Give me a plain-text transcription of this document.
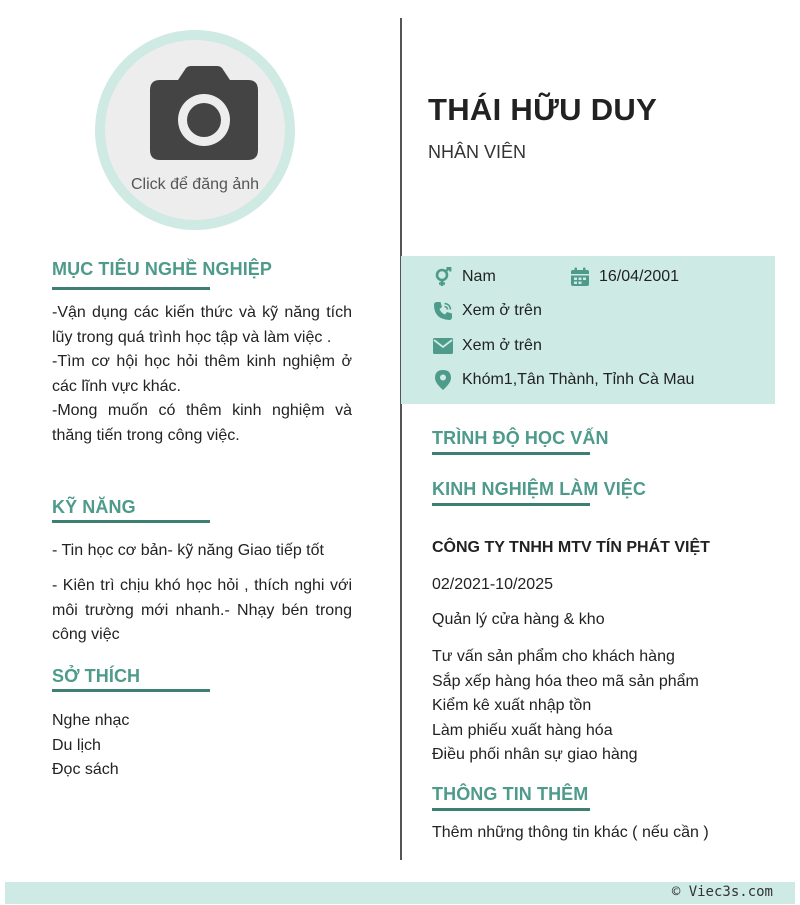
Click để đăng ảnh
MỤC TIÊU NGHỀ NGHIỆP

-Vận dụng các kiến thức và kỹ năng tích lũy trong quá trình học tập và làm việc .

-Tìm cơ hội học hỏi thêm kinh nghiệm ở các lĩnh vực khác.

-Mong muốn có thêm kinh nghiệm và thăng tiến trong công việc.

KỸ NĂNG
- Tin học cơ bản- kỹ năng Giao tiếp tốt
- Kiên trì chịu khó học hỏi , thích nghi với môi trường mới nhanh.- Nhạy bén trong công việc
SỞ THÍCH

Nghe nhạc

Du lịch

Đọc sách

THÁI HỮU DUY
NHÂN VIÊN
Nam	16/04/2001
Xem ở trên
Xem ở trên
Khóm1,Tân Thành, Tỉnh Cà Mau
TRÌNH ĐỘ HỌC VẤN
KINH NGHIỆM LÀM VIỆC
CÔNG TY TNHH MTV TÍN PHÁT VIỆT
02/2021-10/2025
Quản lý cửa hàng & kho
Tư vấn sản phẩm cho khách hàng
Sắp xếp hàng hóa theo mã sản phẩm
Kiểm kê xuất nhập tồn
Làm phiếu xuất hàng hóa
Điều phối nhân sự giao hàng
THÔNG TIN THÊM
Thêm những thông tin khác ( nếu cần )
© Viec3s.com
